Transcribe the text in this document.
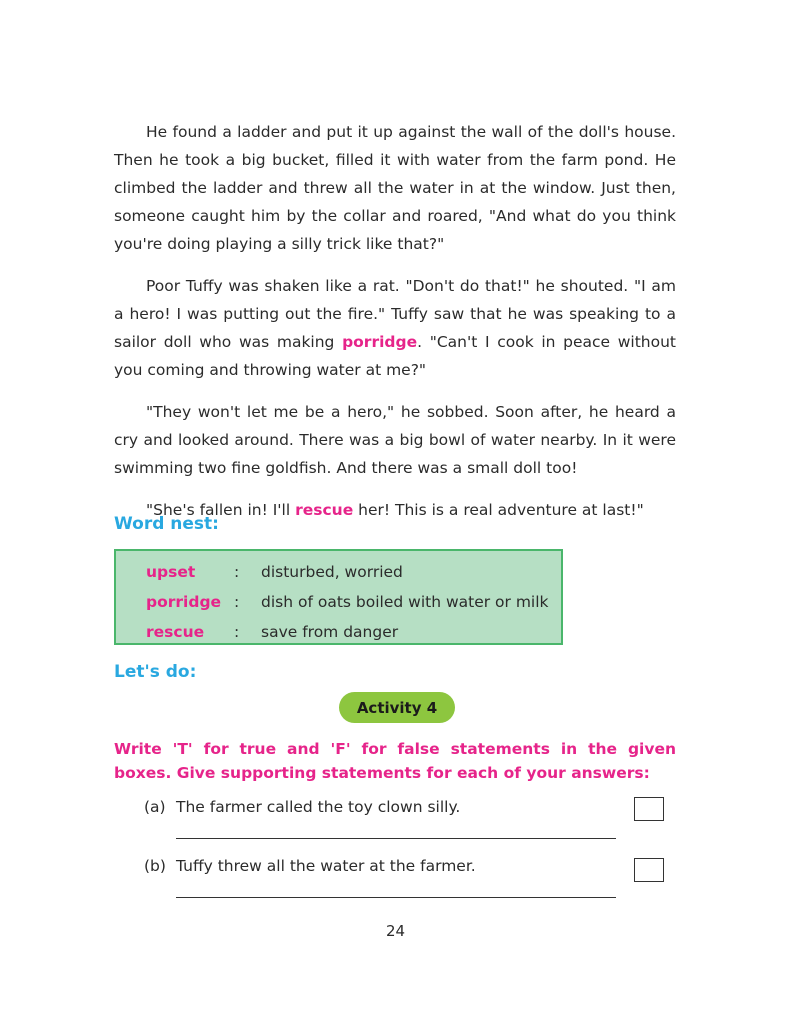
He found a ladder and put it up against the wall of the doll's house. Then he took a big bucket, filled it with water from the farm pond. He climbed the ladder and threw all the water in at the window. Just then, someone caught him by the collar and roared, "And what do you think you're doing playing a silly trick like that?"

Poor Tuffy was shaken like a rat. "Don't do that!" he shouted. "I am a hero! I was putting out the fire." Tuffy saw that he was speaking to a sailor doll who was making porridge. "Can't I cook in peace without you coming and throwing water at me?"

"They won't let me be a hero," he sobbed. Soon after, he heard a cry and looked around. There was a big bowl of water nearby. In it were swimming two fine goldfish. And there was a small doll too!

"She's fallen in! I'll rescue her! This is a real adventure at last!"

Word nest:
upset	:	disturbed, worried
porridge :	dish of oats boiled with water or milk
rescue	:	save from danger
Let's do:
Activity 4

Write 'T' for true and 'F' for false statements in the given boxes. Give supporting statements for each of your answers:

(a) The farmer called the toy clown silly.
(b) Tuffy threw all the water at the farmer.
24
